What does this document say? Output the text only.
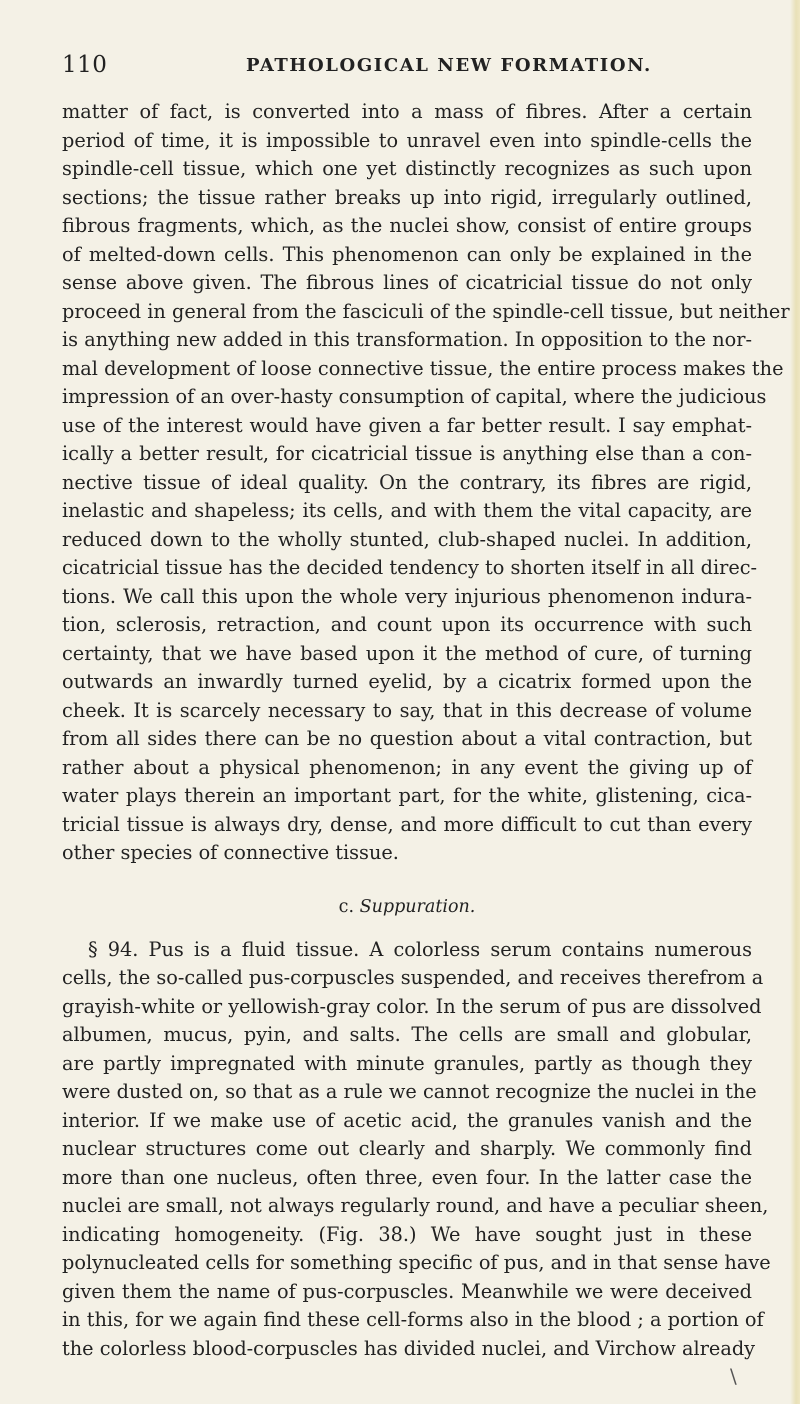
110	PATHOLOGICAL NEW FORMATION.
matter of fact, is converted into a mass of fibres. After a certain
period of time, it is impossible to unravel even into spindle-cells the
spindle-cell tissue, which one yet distinctly recognizes as such upon
sections; the tissue rather breaks up into rigid, irregularly outlined,
fibrous fragments, which, as the nuclei show, consist of entire groups
of melted-down cells. This phenomenon can only be explained in the
sense above given. The fibrous lines of cicatricial tissue do not only
proceed in general from the fasciculi of the spindle-cell tissue, but neither
is anything new added in this transformation. In opposition to the nor-
mal development of loose connective tissue, the entire process makes the
impression of an over-hasty consumption of capital, where the judicious
use of the interest would have given a far better result. I say emphat-
ically a better result, for cicatricial tissue is anything else than a con-
nective tissue of ideal quality. On the contrary, its fibres are rigid,
inelastic and shapeless; its cells, and with them the vital capacity, are
reduced down to the wholly stunted, club-shaped nuclei. In addition,
cicatricial tissue has the decided tendency to shorten itself in all direc-
tions. We call this upon the whole very injurious phenomenon indura-
tion, sclerosis, retraction, and count upon its occurrence with such
certainty, that we have based upon it the method of cure, of turning
outwards an inwardly turned eyelid, by a cicatrix formed upon the
cheek. It is scarcely necessary to say, that in this decrease of volume
from all sides there can be no question about a vital contraction, but
rather about a physical phenomenon; in any event the giving up of
water plays therein an important part, for the white, glistening, cica-
tricial tissue is always dry, dense, and more difficult to cut than every
other species of connective tissue.
c. Suppuration.
§ 94. Pus is a fluid tissue. A colorless serum contains numerous
cells, the so-called pus-corpuscles suspended, and receives therefrom a
grayish-white or yellowish-gray color. In the serum of pus are dissolved
albumen, mucus, pyin, and salts. The cells are small and globular,
are partly impregnated with minute granules, partly as though they
were dusted on, so that as a rule we cannot recognize the nuclei in the
interior. If we make use of acetic acid, the granules vanish and the
nuclear structures come out clearly and sharply. We commonly find
more than one nucleus, often three, even four. In the latter case the
nuclei are small, not always regularly round, and have a peculiar sheen,
indicating homogeneity. (Fig. 38.) We have sought just in these
polynucleated cells for something specific of pus, and in that sense have
given them the name of pus-corpuscles. Meanwhile we were deceived
in this, for we again find these cell-forms also in the blood ; a portion of
the colorless blood-corpuscles has divided nuclei, and Virchow already
\
